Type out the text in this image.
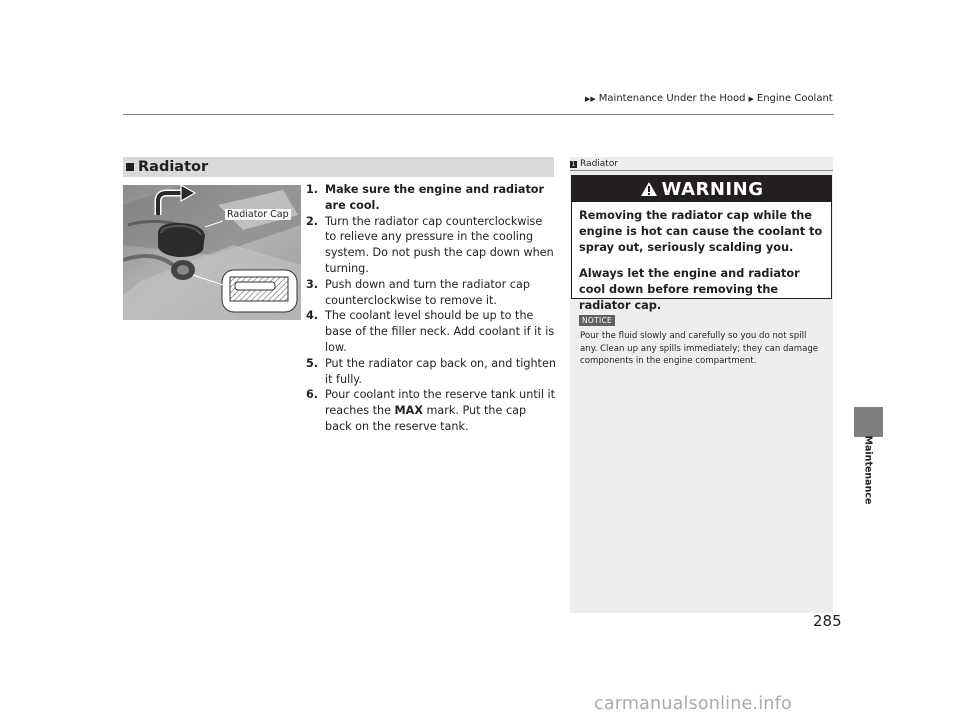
▶▶ Maintenance Under the Hood ▶ Engine Coolant
Radiator
Radiator Cap
1. Make sure the engine and radiator are cool.
2. Turn the radiator cap counterclockwise to relieve any pressure in the cooling system. Do not push the cap down when turning.
3. Push down and turn the radiator cap counterclockwise to remove it.
4. The coolant level should be up to the base of the filler neck. Add coolant if it is low.
5. Put the radiator cap back on, and tighten it fully.
6. Pour coolant into the reserve tank until it reaches the MAX mark. Put the cap back on the reserve tank.
1 Radiator
WARNING

Removing the radiator cap while the engine is hot can cause the coolant to spray out, seriously scalding you.

Always let the engine and radiator cool down before removing the radiator cap.

NOTICE
Pour the fluid slowly and carefully so you do not spill any. Clean up any spills immediately; they can damage components in the engine compartment.
Maintenance
285
carmanualsonline.info
